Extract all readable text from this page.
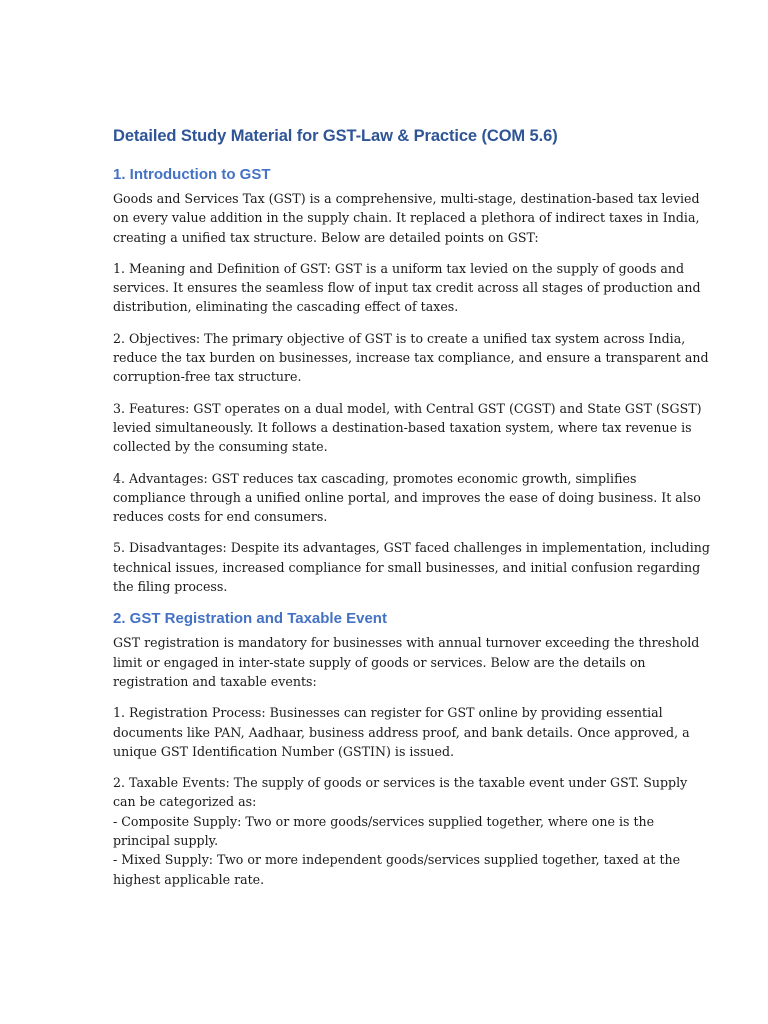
Detailed Study Material for GST-Law & Practice (COM 5.6)
1. Introduction to GST

Goods and Services Tax (GST) is a comprehensive, multi-stage, destination-based tax levied
on every value addition in the supply chain. It replaced a plethora of indirect taxes in India,
creating a unified tax structure. Below are detailed points on GST:

1. Meaning and Definition of GST: GST is a uniform tax levied on the supply of goods and
services. It ensures the seamless flow of input tax credit across all stages of production and
distribution, eliminating the cascading effect of taxes.

2. Objectives: The primary objective of GST is to create a unified tax system across India,
reduce the tax burden on businesses, increase tax compliance, and ensure a transparent and
corruption-free tax structure.

3. Features: GST operates on a dual model, with Central GST (CGST) and State GST (SGST)
levied simultaneously. It follows a destination-based taxation system, where tax revenue is
collected by the consuming state.

4. Advantages: GST reduces tax cascading, promotes economic growth, simplifies
compliance through a unified online portal, and improves the ease of doing business. It also
reduces costs for end consumers.

5. Disadvantages: Despite its advantages, GST faced challenges in implementation, including
technical issues, increased compliance for small businesses, and initial confusion regarding
the filing process.

2. GST Registration and Taxable Event

GST registration is mandatory for businesses with annual turnover exceeding the threshold
limit or engaged in inter-state supply of goods or services. Below are the details on
registration and taxable events:

1. Registration Process: Businesses can register for GST online by providing essential
documents like PAN, Aadhaar, business address proof, and bank details. Once approved, a
unique GST Identification Number (GSTIN) is issued.

2. Taxable Events: The supply of goods or services is the taxable event under GST. Supply
can be categorized as:
- Composite Supply: Two or more goods/services supplied together, where one is the
principal supply.
- Mixed Supply: Two or more independent goods/services supplied together, taxed at the
highest applicable rate.
